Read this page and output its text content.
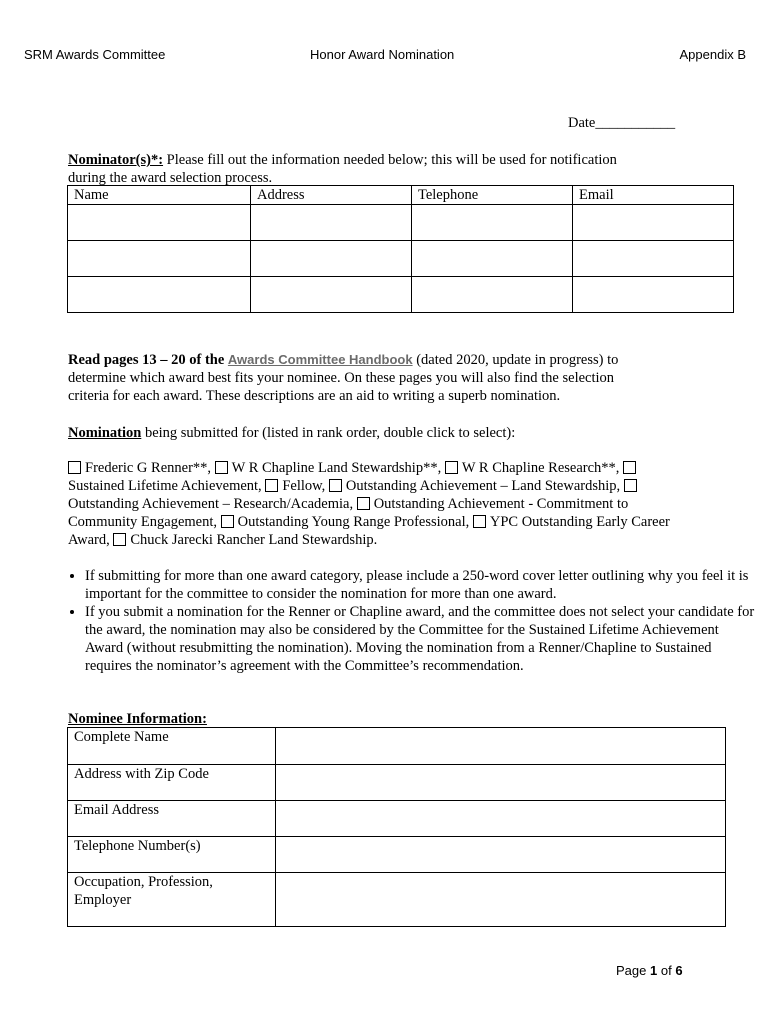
SRM Awards Committee	Honor Award Nomination	Appendix B
Date___________
Nominator(s)*: Please fill out the information needed below; this will be used for notification during the award selection process.
Name	Address	Telephone	Email

Read pages 13 – 20 of the Awards Committee Handbook (dated 2020, update in progress) to determine which award best fits your nominee. On these pages you will also find the selection criteria for each award. These descriptions are an aid to writing a superb nomination.
Nomination being submitted for (listed in rank order, double click to select):
Frederic G Renner**, W R Chapline Land Stewardship**, W R Chapline Research**, Sustained Lifetime Achievement, Fellow, Outstanding Achievement – Land Stewardship, Outstanding Achievement – Research/Academia, Outstanding Achievement - Commitment to Community Engagement, Outstanding Young Range Professional, YPC Outstanding Early Career Award, Chuck Jarecki Rancher Land Stewardship.
• If submitting for more than one award category, please include a 250-word cover letter outlining why you feel it is important for the committee to consider the nomination for more than one award.
• If you submit a nomination for the Renner or Chapline award, and the committee does not select your candidate for the award, the nomination may also be considered by the Committee for the Sustained Lifetime Achievement Award (without resubmitting the nomination). Moving the nomination from a Renner/Chapline to Sustained requires the nominator’s agreement with the Committee’s recommendation.
Nominee Information:
Complete Name	
Address with Zip Code	
Email Address	
Telephone Number(s)	
Occupation, Profession, Employer	
Page 1 of 6
